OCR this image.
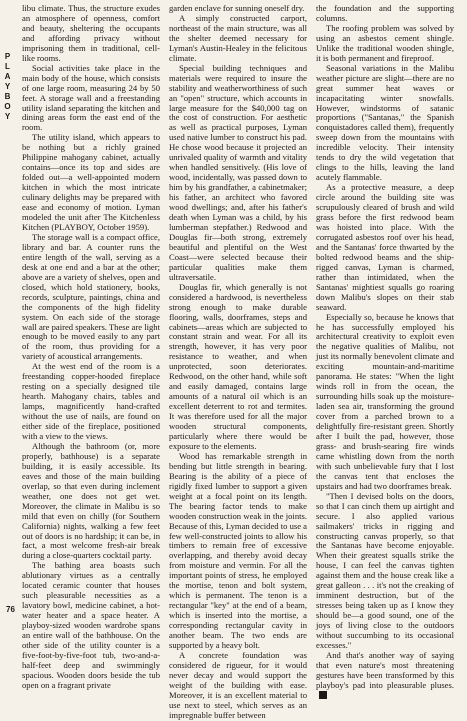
PLAYBOY

libu climate. Thus, the structure exudes an atmosphere of openness, comfort and beauty, sheltering the occupants and affording privacy without imprisoning them in traditional, cell-like rooms.

Social activities take place in the main body of the house, which consists of one large room, measuring 24 by 50 feet. A storage wall and a freestanding utility island separating the kitchen and dining areas form the east end of the room.

The utility island, which appears to be nothing but a richly grained Philippine mahogany cabinet, actually contains—once its top and sides are folded out—a well-appointed modern kitchen in which the most intricate culinary delights may be prepared with ease and economy of motion. Lyman modeled the unit after The Kitchenless Kitchen (PLAYBOY, October 1959).

The storage wall is a compact office, library and bar. A counter runs the entire length of the wall, serving as a desk at one end and a bar at the other; above are a variety of shelves, open and closed, which hold stationery, books, records, sculpture, paintings, china and the components of the high fidelity system. On each side of the storage wall are paired speakers. These are light enough to be moved easily to any part of the room, thus providing for a variety of acoustical arrangements.

At the west end of the room is a freestanding copper-hooded fireplace resting on a specially designed tile hearth. Mahogany chairs, tables and lamps, magnificently hand-crafted without the use of nails, are found on either side of the fireplace, positioned with a view to the views.

Although the bathroom (or, more properly, bathhouse) is a separate building, it is easily accessible. Its eaves and those of the main building overlap, so that even during inclement weather, one does not get wet. Moreover, the climate in Malibu is so mild that even on chilly (for Southern California) nights, walking a few feet out of doors is no hardship; it can be, in fact, a most welcome fresh-air break during a close-quarters cocktail party.

The bathing area boasts such ablutionary virtues as a centrally located ceramic counter that houses such pleasurable necessities as a lavatory bowl, medicine cabinet, a hot-water heater and a space heater. A playboy-sized wooden wardrobe spans an entire wall of the bathhouse. On the other side of the utility counter is a five-foot-by-five-foot tub, two-and-a-half-feet deep and swimmingly spacious. Wooden doors beside the tub open on a fragrant private

garden enclave for sunning oneself dry.

A simply constructed carport, northeast of the main structure, was all the shelter deemed necessary for Lyman's Austin-Healey in the felicitous climate.

Special building techniques and materials were required to insure the stability and weatherworthiness of such an "open" structure, which accounts in large measure for the $40,000 tag on the cost of construction. For aesthetic as well as practical purposes, Lyman used native lumber to construct his pad. He chose wood because it projected an unrivaled quality of warmth and vitality when handled sensitively. (His love of wood, incidentally, was passed down to him by his grandfather, a cabinetmaker; his father, an architect who favored wood dwellings; and, after his father's death when Lyman was a child, by his lumberman stepfather.) Redwood and Douglas fir—both strong, extremely beautiful and plentiful on the West Coast—were selected because their particular qualities make them ultraversatile.

Douglas fir, which generally is not considered a hardwood, is nevertheless strong enough to make durable flooring, walls, doorframes, steps and cabinets—areas which are subjected to constant strain and wear. For all its strength, however, it has very poor resistance to weather, and when unprotected, soon deteriorates. Redwood, on the other hand, while soft and easily damaged, contains large amounts of a natural oil which is an excellent deterrent to rot and termites. It was therefore used for all the major wooden structural components, particularly where there would be exposure to the elements.

Wood has remarkable strength in bending but little strength in bearing. Bearing is the ability of a piece of rigidly fixed lumber to support a given weight at a focal point on its length. The bearing factor tends to make wooden construction weak in the joints. Because of this, Lyman decided to use a few well-constructed joints to allow his timbers to remain free of excessive overlapping, and thereby avoid decay from moisture and vermin. For all the important points of stress, he employed the mortise, tenon and bolt system, which is permanent. The tenon is a rectangular "key" at the end of a beam, which is inserted into the mortise, a corresponding rectangular cavity in another beam. The two ends are supported by a heavy bolt.

A concrete foundation was considered de rigueur, for it would never decay and would support the weight of the building with ease. Moreover, it is an excellent material to use next to steel, which serves as an impregnable buffer between

the foundation and the supporting columns.

The roofing problem was solved by using an asbestos cement shingle. Unlike the traditional wooden shingle, it is both permanent and fireproof.

Seasonal variations in the Malibu weather picture are slight—there are no great summer heat waves or incapacitating winter snowfalls. However, windstorms of satanic proportions ("Santanas," the Spanish conquistadores called them), frequently sweep down from the mountains with incredible velocity. Their intensity tends to dry the wild vegetation that clings to the hills, leaving the land acutely flammable.

As a protective measure, a deep circle around the building site was scrupulously cleared of brush and wild grass before the first redwood beam was hoisted into place. With the corrugated asbestos roof over his head, and the Santanas' force thwarted by the bolted redwood beams and the ship-rigged canvas, Lyman is charmed, rather than intimidated, when the Santanas' mightiest squalls go roaring down Malibu's slopes on their stab seaward.

Especially so, because he knows that he has successfully employed his architectural creativity to exploit even the negative qualities of Malibu, not just its normally benevolent climate and exciting mountain-and-maritime panorama. He states: "When the light winds roll in from the ocean, the surrounding hills soak up the moisture-laden sea air, transforming the ground cover from a parched brown to a delightfully fire-resistant green. Shortly after I built the pad, however, those grass- and brush-searing fire winds came whistling down from the north with such unbelievable fury that I lost the canvas tent that encloses the upstairs and had two doorframes break.

"Then I devised bolts on the doors, so that I can cinch them up airtight and secure. I also applied various sailmakers' tricks in rigging and constructing canvas properly, so that the Santanas have become enjoyable. When their greatest squalls strike the house, I can feel the canvas tighten against them and the house creak like a great galleon . . . it's not the creaking of imminent destruction, but of the stresses being taken up as I know they should be—a good sound, one of the joys of living close to the outdoors without succumbing to its occasional excesses."

And that's another way of saying that even nature's most threatening gestures have been transformed by this playboy's pad into pleasurable pluses.

76
